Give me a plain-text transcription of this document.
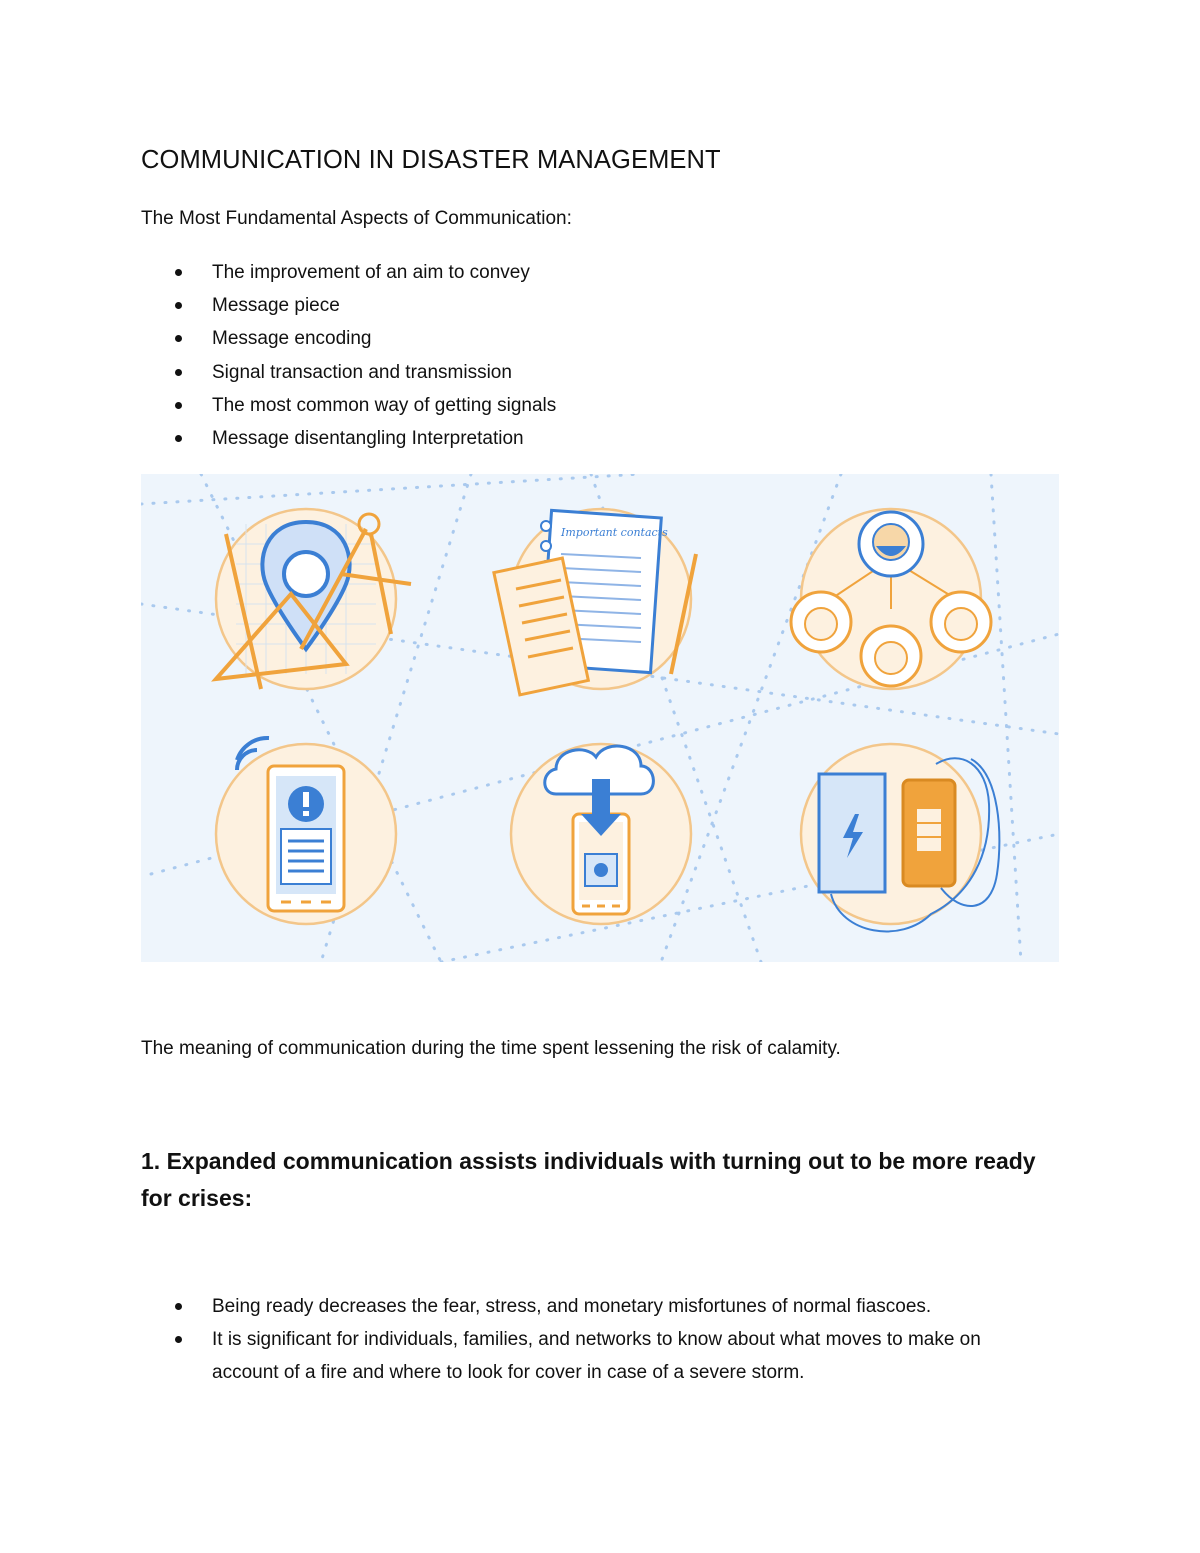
COMMUNICATION IN DISASTER MANAGEMENT

The Most Fundamental Aspects of Communication:

The improvement of an aim to convey
Message piece
Message encoding
Signal transaction and transmission
The most common way of getting signals
Message disentangling Interpretation
Important contacts

The meaning of communication during the time spent lessening the risk of calamity.

1. Expanded communication assists individuals with turning out to be more ready for crises:
Being ready decreases the fear, stress, and monetary misfortunes of normal fiascoes.
It is significant for individuals, families, and networks to know about what moves to make on account of a fire and where to look for cover in case of a severe storm.
